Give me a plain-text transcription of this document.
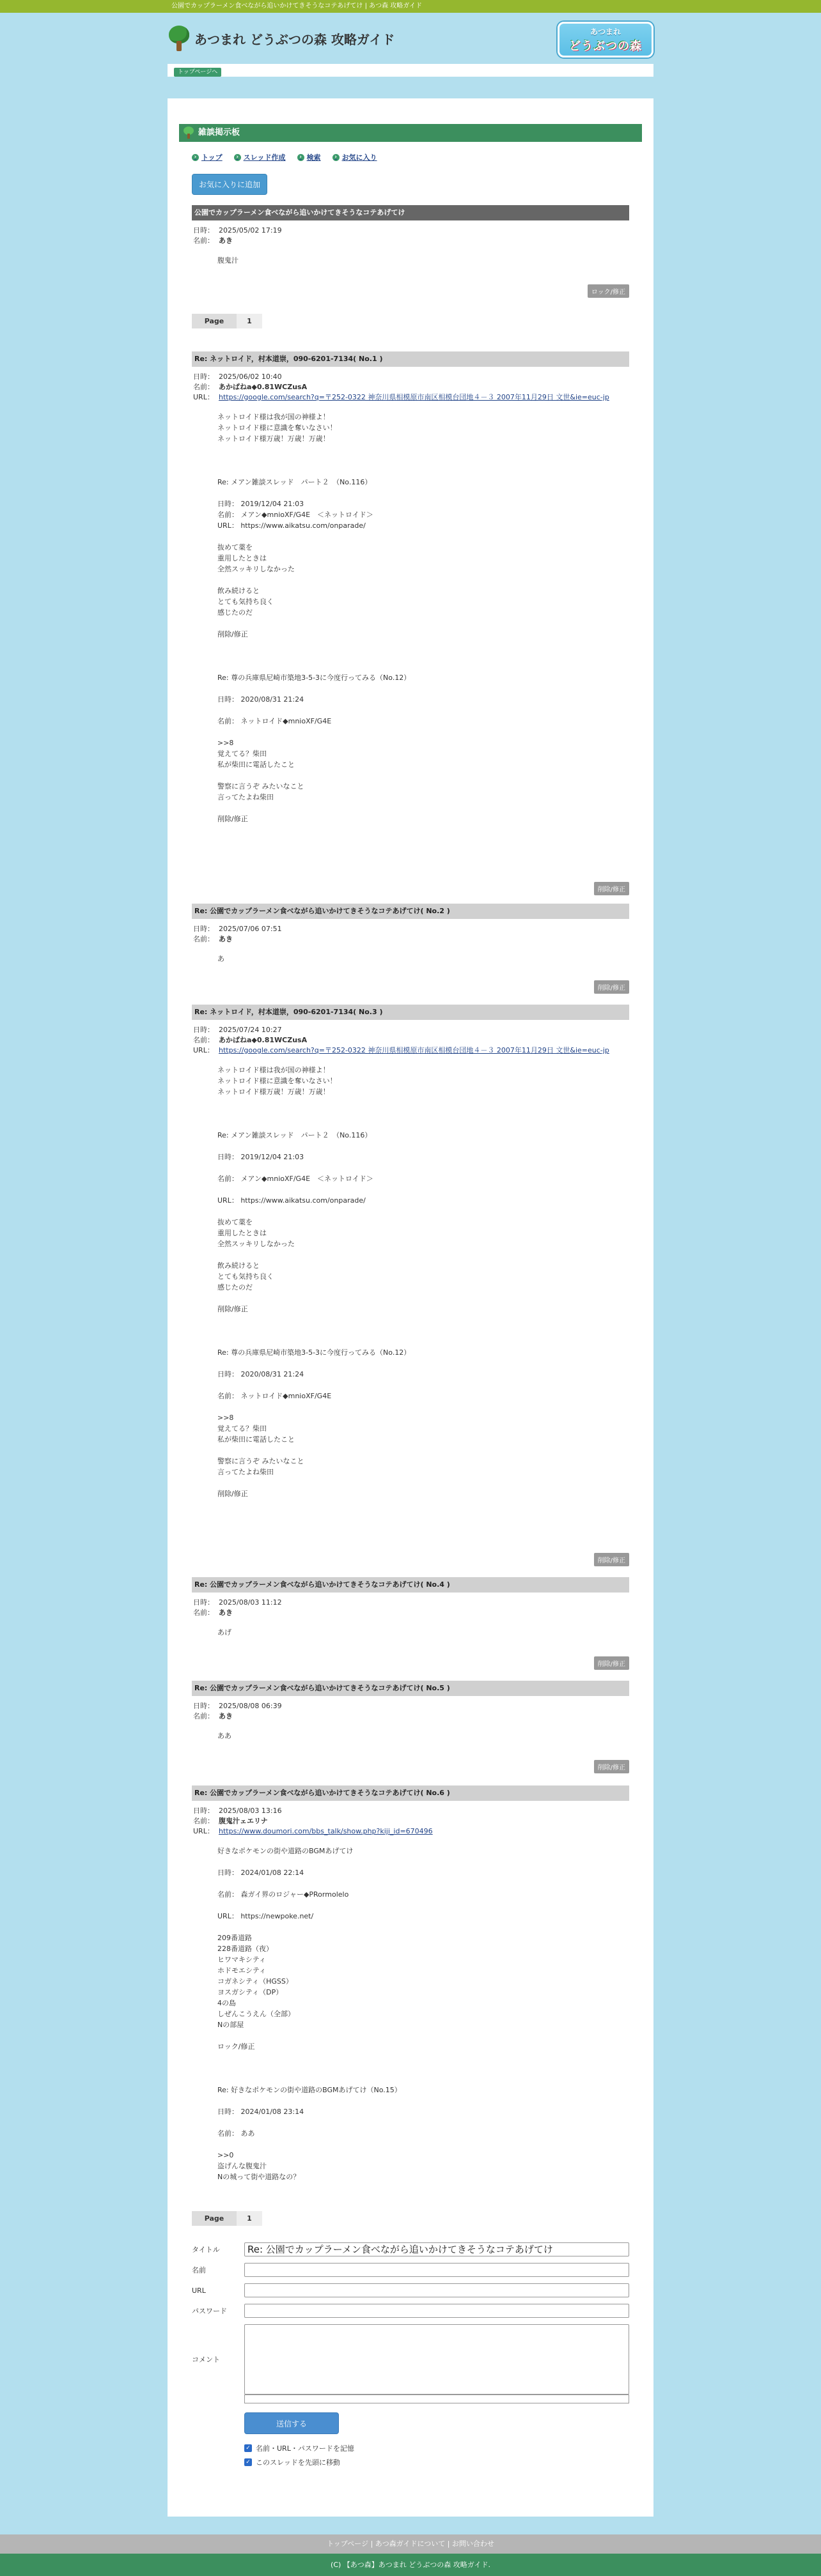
公園でカップラーメン食べながら追いかけてきそうなコテあげてけ | あつ森 攻略ガイド
あつまれ どうぶつの森 攻略ガイド	あつまれ
どうぶつの森
トップページへ
雑談掲示板
› トップ	› スレッド作成	› 検索	› お気に入り
お気に入りに追加
公園でカップラーメン食べながら追いかけてきそうなコテあげてけ
日時： 2025/05/02 17:19
名前： あき
腹鬼汁
ロック/修正
Page	1
Re: ネットロイド，村本道崇，090-6201-7134( No.1 )
日時： 2025/06/02 10:40
名前： あかばねa◆0.81WCZusA
URL： https://google.com/search?q=〒252-0322 神奈川県相模原市南区相模台団地４－３ 2007年11月29日 文世&ie=euc-jp
ネットロイド様は我が国の神様よ！
ネットロイド様に意識を奪いなさい！
ネットロイド様万歳！万歳！万歳！

Re: メアン雑談スレッド　パート２　（No.116）

日時： 2019/12/04 21:03
名前： メアン◆mnioXF/G4E　＜ネットロイド＞
URL： https://www.aikatsu.com/onparade/

抜めて薬を
重用したときは
全然スッキリしなかった

飲み続けると
とても気持ち良く
感じたのだ

削除/修正

Re: 尊の兵庫県尼崎市築地3-5-3に今度行ってみる（No.12）

日時： 2020/08/31 21:24

名前： ネットロイド◆mnioXF/G4E

>>8
覚えてる？柴田
私が柴田に電話したこと

警察に言うぞ みたいなこと
言ってたよね柴田

削除/修正
削除/修正
Re: 公園でカップラーメン食べながら追いかけてきそうなコテあげてけ( No.2 )
日時： 2025/07/06 07:51
名前： あき
あ
削除/修正
Re: ネットロイド，村本道崇，090-6201-7134( No.3 )
日時： 2025/07/24 10:27
名前： あかばねa◆0.81WCZusA
URL： https://google.com/search?q=〒252-0322 神奈川県相模原市南区相模台団地４－３ 2007年11月29日 文世&ie=euc-jp
ネットロイド様は我が国の神様よ！
ネットロイド様に意識を奪いなさい！
ネットロイド様万歳！万歳！万歳！

Re: メアン雑談スレッド　パート２　（No.116）

日時： 2019/12/04 21:03

名前： メアン◆mnioXF/G4E　＜ネットロイド＞

URL： https://www.aikatsu.com/onparade/

抜めて薬を
重用したときは
全然スッキリしなかった

飲み続けると
とても気持ち良く
感じたのだ

削除/修正

Re: 尊の兵庫県尼崎市築地3-5-3に今度行ってみる（No.12）

日時： 2020/08/31 21:24

名前： ネットロイド◆mnioXF/G4E

>>8
覚えてる？柴田
私が柴田に電話したこと

警察に言うぞ みたいなこと
言ってたよね柴田

削除/修正
削除/修正
Re: 公園でカップラーメン食べながら追いかけてきそうなコテあげてけ( No.4 )
日時： 2025/08/03 11:12
名前： あき
あげ
削除/修正
Re: 公園でカップラーメン食べながら追いかけてきそうなコテあげてけ( No.5 )
日時： 2025/08/08 06:39
名前： あき
ああ
削除/修正
Re: 公園でカップラーメン食べながら追いかけてきそうなコテあげてけ( No.6 )
日時： 2025/08/03 13:16
名前： 腹鬼汁ェエリナ
URL： https://www.doumori.com/bbs_talk/show.php?kiji_id=670496
好きなポケモンの街や道路のBGMあげてけ

日時： 2024/01/08 22:14

名前： 森ガイ界のロジャー◆PRormolelo

URL： https://newpoke.net/

209番道路
228番道路（夜）
ヒワマキシティ
ホドモエシティ
コガネシティ（HGSS）
ヨスガシティ（DP）
4の島
しぜんこうえん（全部）
Nの部屋

ロック/修正

Re: 好きなポケモンの街や道路のBGMあげてけ（No.15）

日時： 2024/01/08 23:14

名前： ああ

>>0
盗げんな腹鬼汁
Nの城って街や道路なの？
Page	1
タイトル	Re: 公園でカップラーメン食べながら追いかけてきそうなコテあげてけ
名前
URL
パスワード
コメント
送信する
✓ 名前・URL・パスワードを記憶
✓ このスレッドを先頭に移動
トップページ | あつ森ガイドについて | お問い合わせ
(C) 【あつ森】あつまれ どうぶつの森 攻略ガイド.
